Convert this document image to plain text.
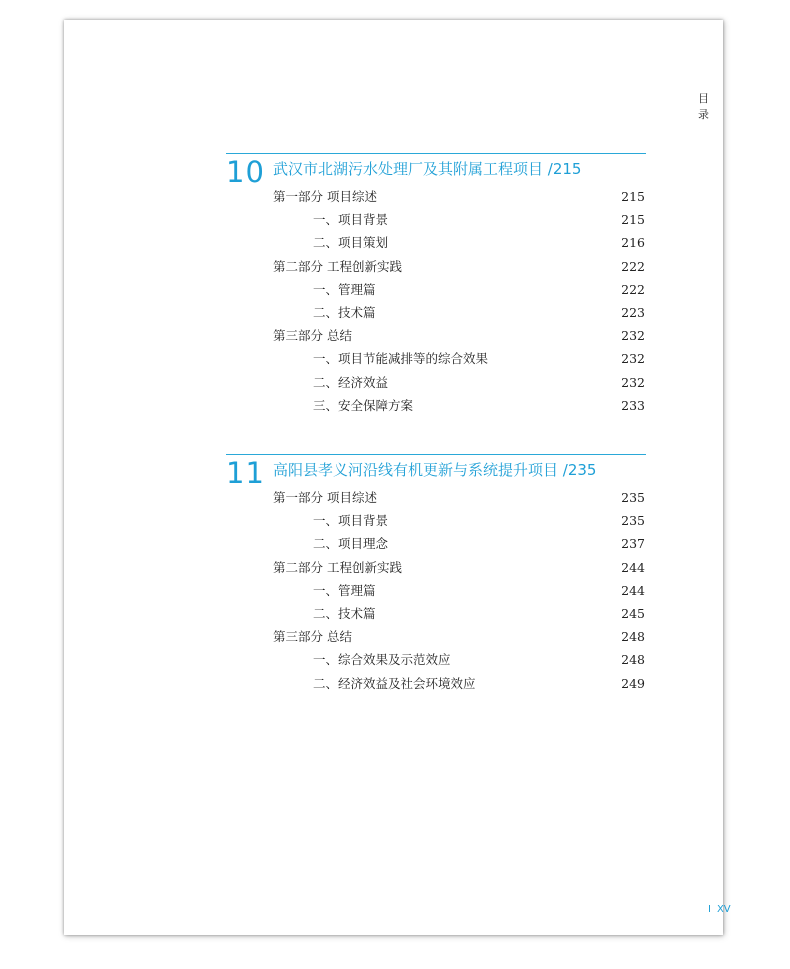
目 录
10 武汉市北湖污水处理厂及其附属工程项目 /215
第一部分 项目综述	215
一、项目背景	215
二、项目策划	216
第二部分 工程创新实践	222
一、管理篇	222
二、技术篇	223
第三部分 总结	232
一、项目节能减排等的综合效果	232
二、经济效益	232
三、安全保障方案	233
11 高阳县孝义河沿线有机更新与系统提升项目 /235
第一部分 项目综述	235
一、项目背景	235
二、项目理念	237
第二部分 工程创新实践	244
一、管理篇	244
二、技术篇	245
第三部分 总结	248
一、综合效果及示范效应	248
二、经济效益及社会环境效应	249
I XV
